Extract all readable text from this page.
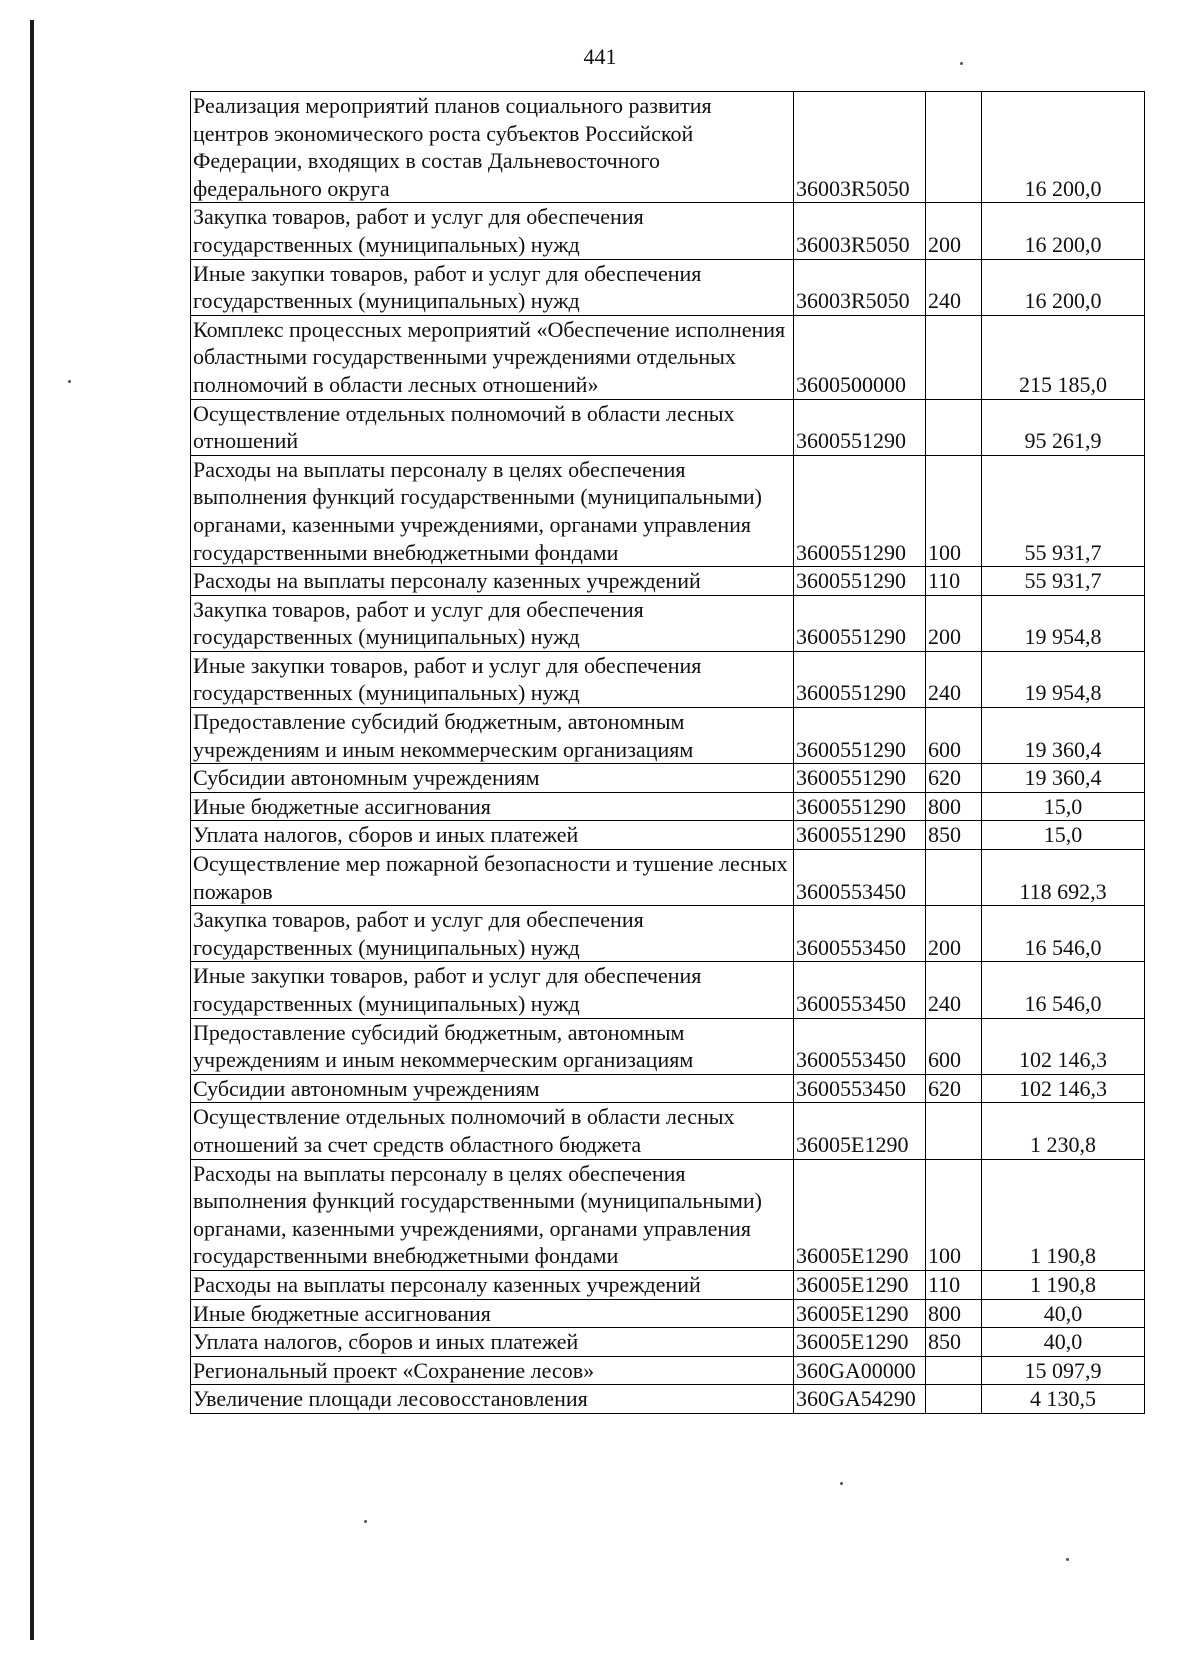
441
Реализация мероприятий планов социального развития центров экономического роста субъектов Российской Федерации, входящих в состав Дальневосточного федерального округа	36003R5050		16 200,0
Закупка товаров, работ и услуг для обеспечения государственных (муниципальных) нужд	36003R5050	200	16 200,0
Иные закупки товаров, работ и услуг для обеспечения государственных (муниципальных) нужд	36003R5050	240	16 200,0
Комплекс процессных мероприятий «Обеспечение исполнения областными государственными учреждениями отдельных полномочий в области лесных отношений»	3600500000		215 185,0
Осуществление отдельных полномочий в области лесных отношений	3600551290		95 261,9
Расходы на выплаты персоналу в целях обеспечения выполнения функций государственными (муниципальными) органами, казенными учреждениями, органами управления государственными внебюджетными фондами	3600551290	100	55 931,7
Расходы на выплаты персоналу казенных учреждений	3600551290	110	55 931,7
Закупка товаров, работ и услуг для обеспечения государственных (муниципальных) нужд	3600551290	200	19 954,8
Иные закупки товаров, работ и услуг для обеспечения государственных (муниципальных) нужд	3600551290	240	19 954,8
Предоставление субсидий бюджетным, автономным учреждениям и иным некоммерческим организациям	3600551290	600	19 360,4
Субсидии автономным учреждениям	3600551290	620	19 360,4
Иные бюджетные ассигнования	3600551290	800	15,0
Уплата налогов, сборов и иных платежей	3600551290	850	15,0
Осуществление мер пожарной безопасности и тушение лесных пожаров	3600553450		118 692,3
Закупка товаров, работ и услуг для обеспечения государственных (муниципальных) нужд	3600553450	200	16 546,0
Иные закупки товаров, работ и услуг для обеспечения государственных (муниципальных) нужд	3600553450	240	16 546,0
Предоставление субсидий бюджетным, автономным учреждениям и иным некоммерческим организациям	3600553450	600	102 146,3
Субсидии автономным учреждениям	3600553450	620	102 146,3
Осуществление отдельных полномочий в области лесных отношений за счет средств областного бюджета	36005Е1290		1 230,8
Расходы на выплаты персоналу в целях обеспечения выполнения функций государственными (муниципальными) органами, казенными учреждениями, органами управления государственными внебюджетными фондами	36005Е1290	100	1 190,8
Расходы на выплаты персоналу казенных учреждений	36005Е1290	110	1 190,8
Иные бюджетные ассигнования	36005Е1290	800	40,0
Уплата налогов, сборов и иных платежей	36005Е1290	850	40,0
Региональный проект «Сохранение лесов»	360GA00000		15 097,9
Увеличение площади лесовосстановления	360GA54290		4 130,5
